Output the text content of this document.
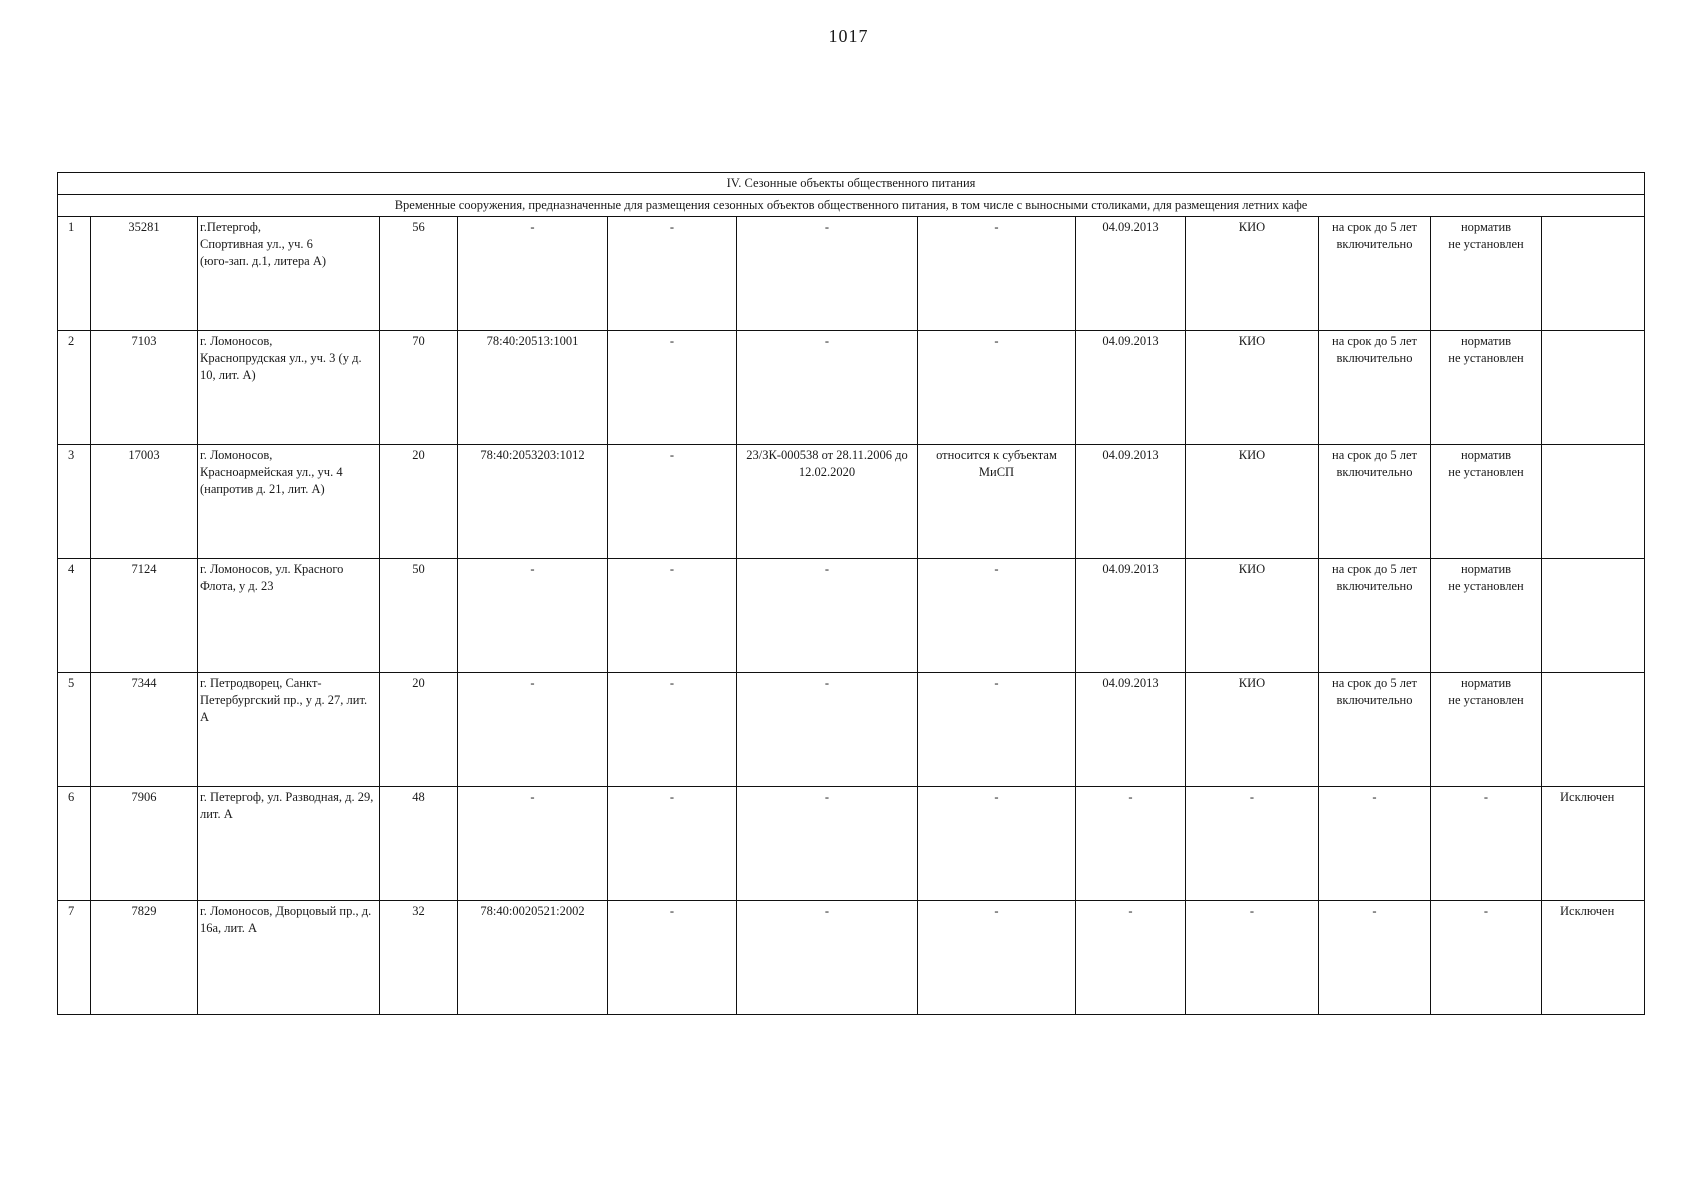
1017
IV. Сезонные объекты общественного питания												
Временные сооружения, предназначенные для размещения сезонных объектов общественного питания, в том числе с выносными столиками, для размещения летних кафе												
1	35281	г.Петергоф,
Спортивная ул., уч. 6
(юго-зап. д.1, литера А)	56	-	-	-	-	04.09.2013	КИО	на срок до 5 лет включительно	норматив
не установлен	
2	7103	г. Ломоносов,
Краснопрудская ул., уч. 3 (у д. 10, лит. А)	70	78:40:20513:1001	-	-	-	04.09.2013	КИО	на срок до 5 лет включительно	норматив
не установлен	
3	17003	г. Ломоносов,
Красноармейская ул., уч. 4
(напротив д. 21, лит. А)	20	78:40:2053203:1012	-	23/ЗК-000538 от 28.11.2006 до 12.02.2020	относится к субъектам МиСП	04.09.2013	КИО	на срок до 5 лет включительно	норматив
не установлен	
4	7124	г. Ломоносов, ул. Красного Флота, у д. 23	50	-	-	-	-	04.09.2013	КИО	на срок до 5 лет включительно	норматив
не установлен	
5	7344	г. Петродворец, Санкт-Петербургский пр., у д. 27, лит. А	20	-	-	-	-	04.09.2013	КИО	на срок до 5 лет включительно	норматив
не установлен	
6	7906	г. Петергоф, ул. Разводная, д. 29, лит. А	48	-	-	-	-	-	-	-	-	Исключен
7	7829	г. Ломоносов, Дворцовый пр., д. 16а, лит. А	32	78:40:0020521:2002	-	-	-	-	-	-	-	Исключен
